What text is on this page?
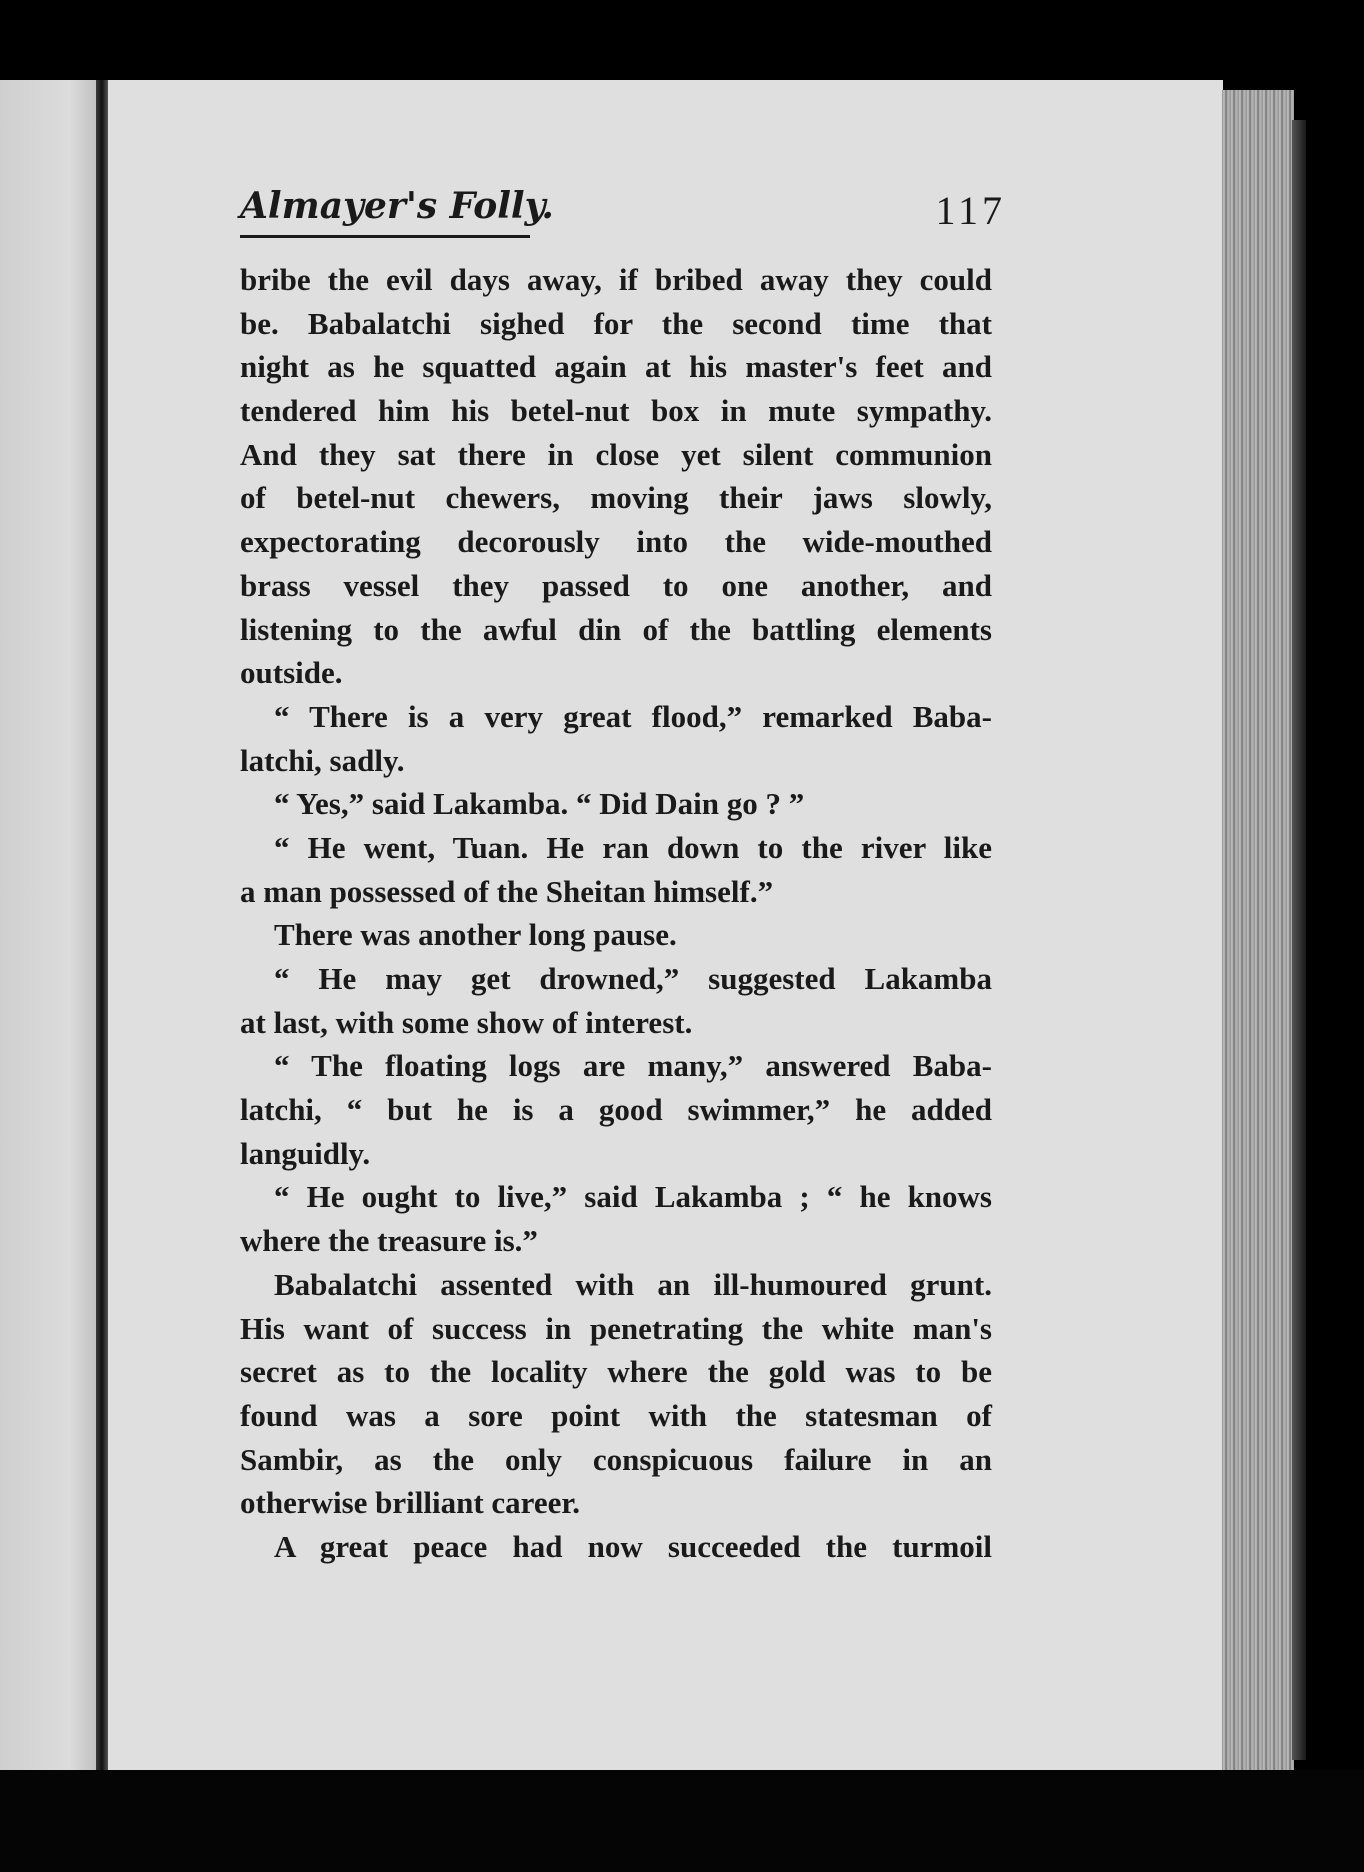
Almayer's Folly.	117
bribe the evil days away, if bribed away they could
be. Babalatchi sighed for the second time that
night as he squatted again at his master's feet and
tendered him his betel-nut box in mute sympathy.
And they sat there in close yet silent communion
of betel-nut chewers, moving their jaws slowly,
expectorating decorously into the wide-mouthed
brass vessel they passed to one another, and
listening to the awful din of the battling elements
outside.
“ There is a very great flood,” remarked Baba-
latchi, sadly.
“ Yes,” said Lakamba. “ Did Dain go ? ”
“ He went, Tuan. He ran down to the river like
a man possessed of the Sheitan himself.”
There was another long pause.
“ He may get drowned,” suggested Lakamba
at last, with some show of interest.
“ The floating logs are many,” answered Baba-
latchi, “ but he is a good swimmer,” he added
languidly.
“ He ought to live,” said Lakamba ; “ he knows
where the treasure is.”
Babalatchi assented with an ill-humoured grunt.
His want of success in penetrating the white man's
secret as to the locality where the gold was to be
found was a sore point with the statesman of
Sambir, as the only conspicuous failure in an
otherwise brilliant career.
A great peace had now succeeded the turmoil
